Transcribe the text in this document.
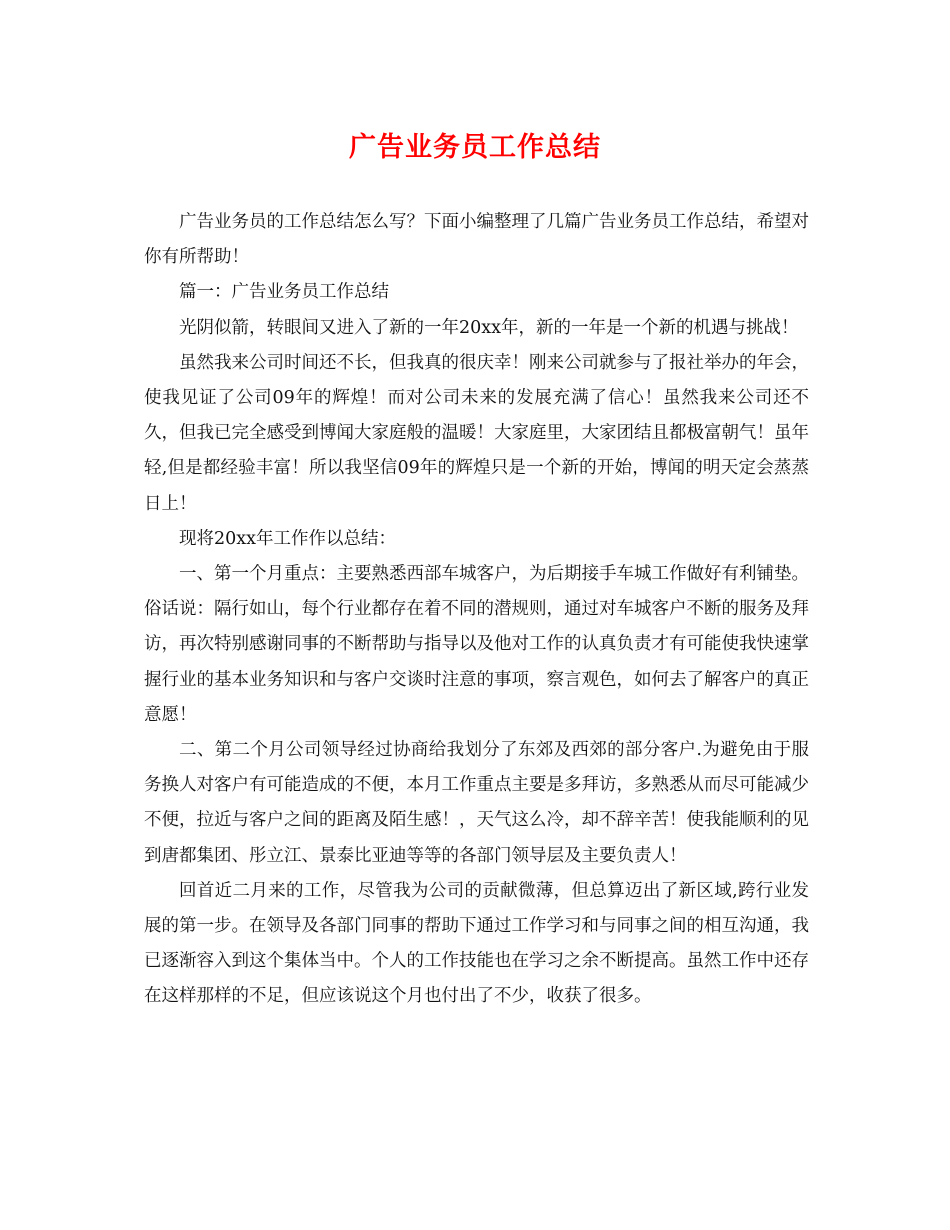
广告业务员工作总结

广告业务员的工作总结怎么写？下面小编整理了几篇广告业务员工作总结，希望对你有所帮助！

篇一：广告业务员工作总结

光阴似箭，转眼间又进入了新的一年20xx年，新的一年是一个新的机遇与挑战！

虽然我来公司时间还不长，但我真的很庆幸！刚来公司就参与了报社举办的年会，使我见证了公司09年的辉煌！而对公司未来的发展充满了信心！虽然我来公司还不久，但我已完全感受到博闻大家庭般的温暖！大家庭里，大家团结且都极富朝气！虽年轻,但是都经验丰富！所以我坚信09年的辉煌只是一个新的开始，博闻的明天定会蒸蒸日上！

现将20xx年工作作以总结：

一、第一个月重点：主要熟悉西部车城客户，为后期接手车城工作做好有利铺垫。俗话说：隔行如山，每个行业都存在着不同的潜规则，通过对车城客户不断的服务及拜访，再次特别感谢同事的不断帮助与指导以及他对工作的认真负责才有可能使我快速掌握行业的基本业务知识和与客户交谈时注意的事项，察言观色，如何去了解客户的真正意愿！

二、第二个月公司领导经过协商给我划分了东郊及西郊的部分客户.为避免由于服务换人对客户有可能造成的不便，本月工作重点主要是多拜访，多熟悉从而尽可能减少不便，拉近与客户之间的距离及陌生感！，天气这么冷，却不辞辛苦！使我能顺利的见到唐都集团、彤立江、景泰比亚迪等等的各部门领导层及主要负责人！

回首近二月来的工作，尽管我为公司的贡献微薄，但总算迈出了新区域,跨行业发展的第一步。在领导及各部门同事的帮助下通过工作学习和与同事之间的相互沟通，我已逐渐容入到这个集体当中。个人的工作技能也在学习之余不断提高。虽然工作中还存在这样那样的不足，但应该说这个月也付出了不少，收获了很多。
